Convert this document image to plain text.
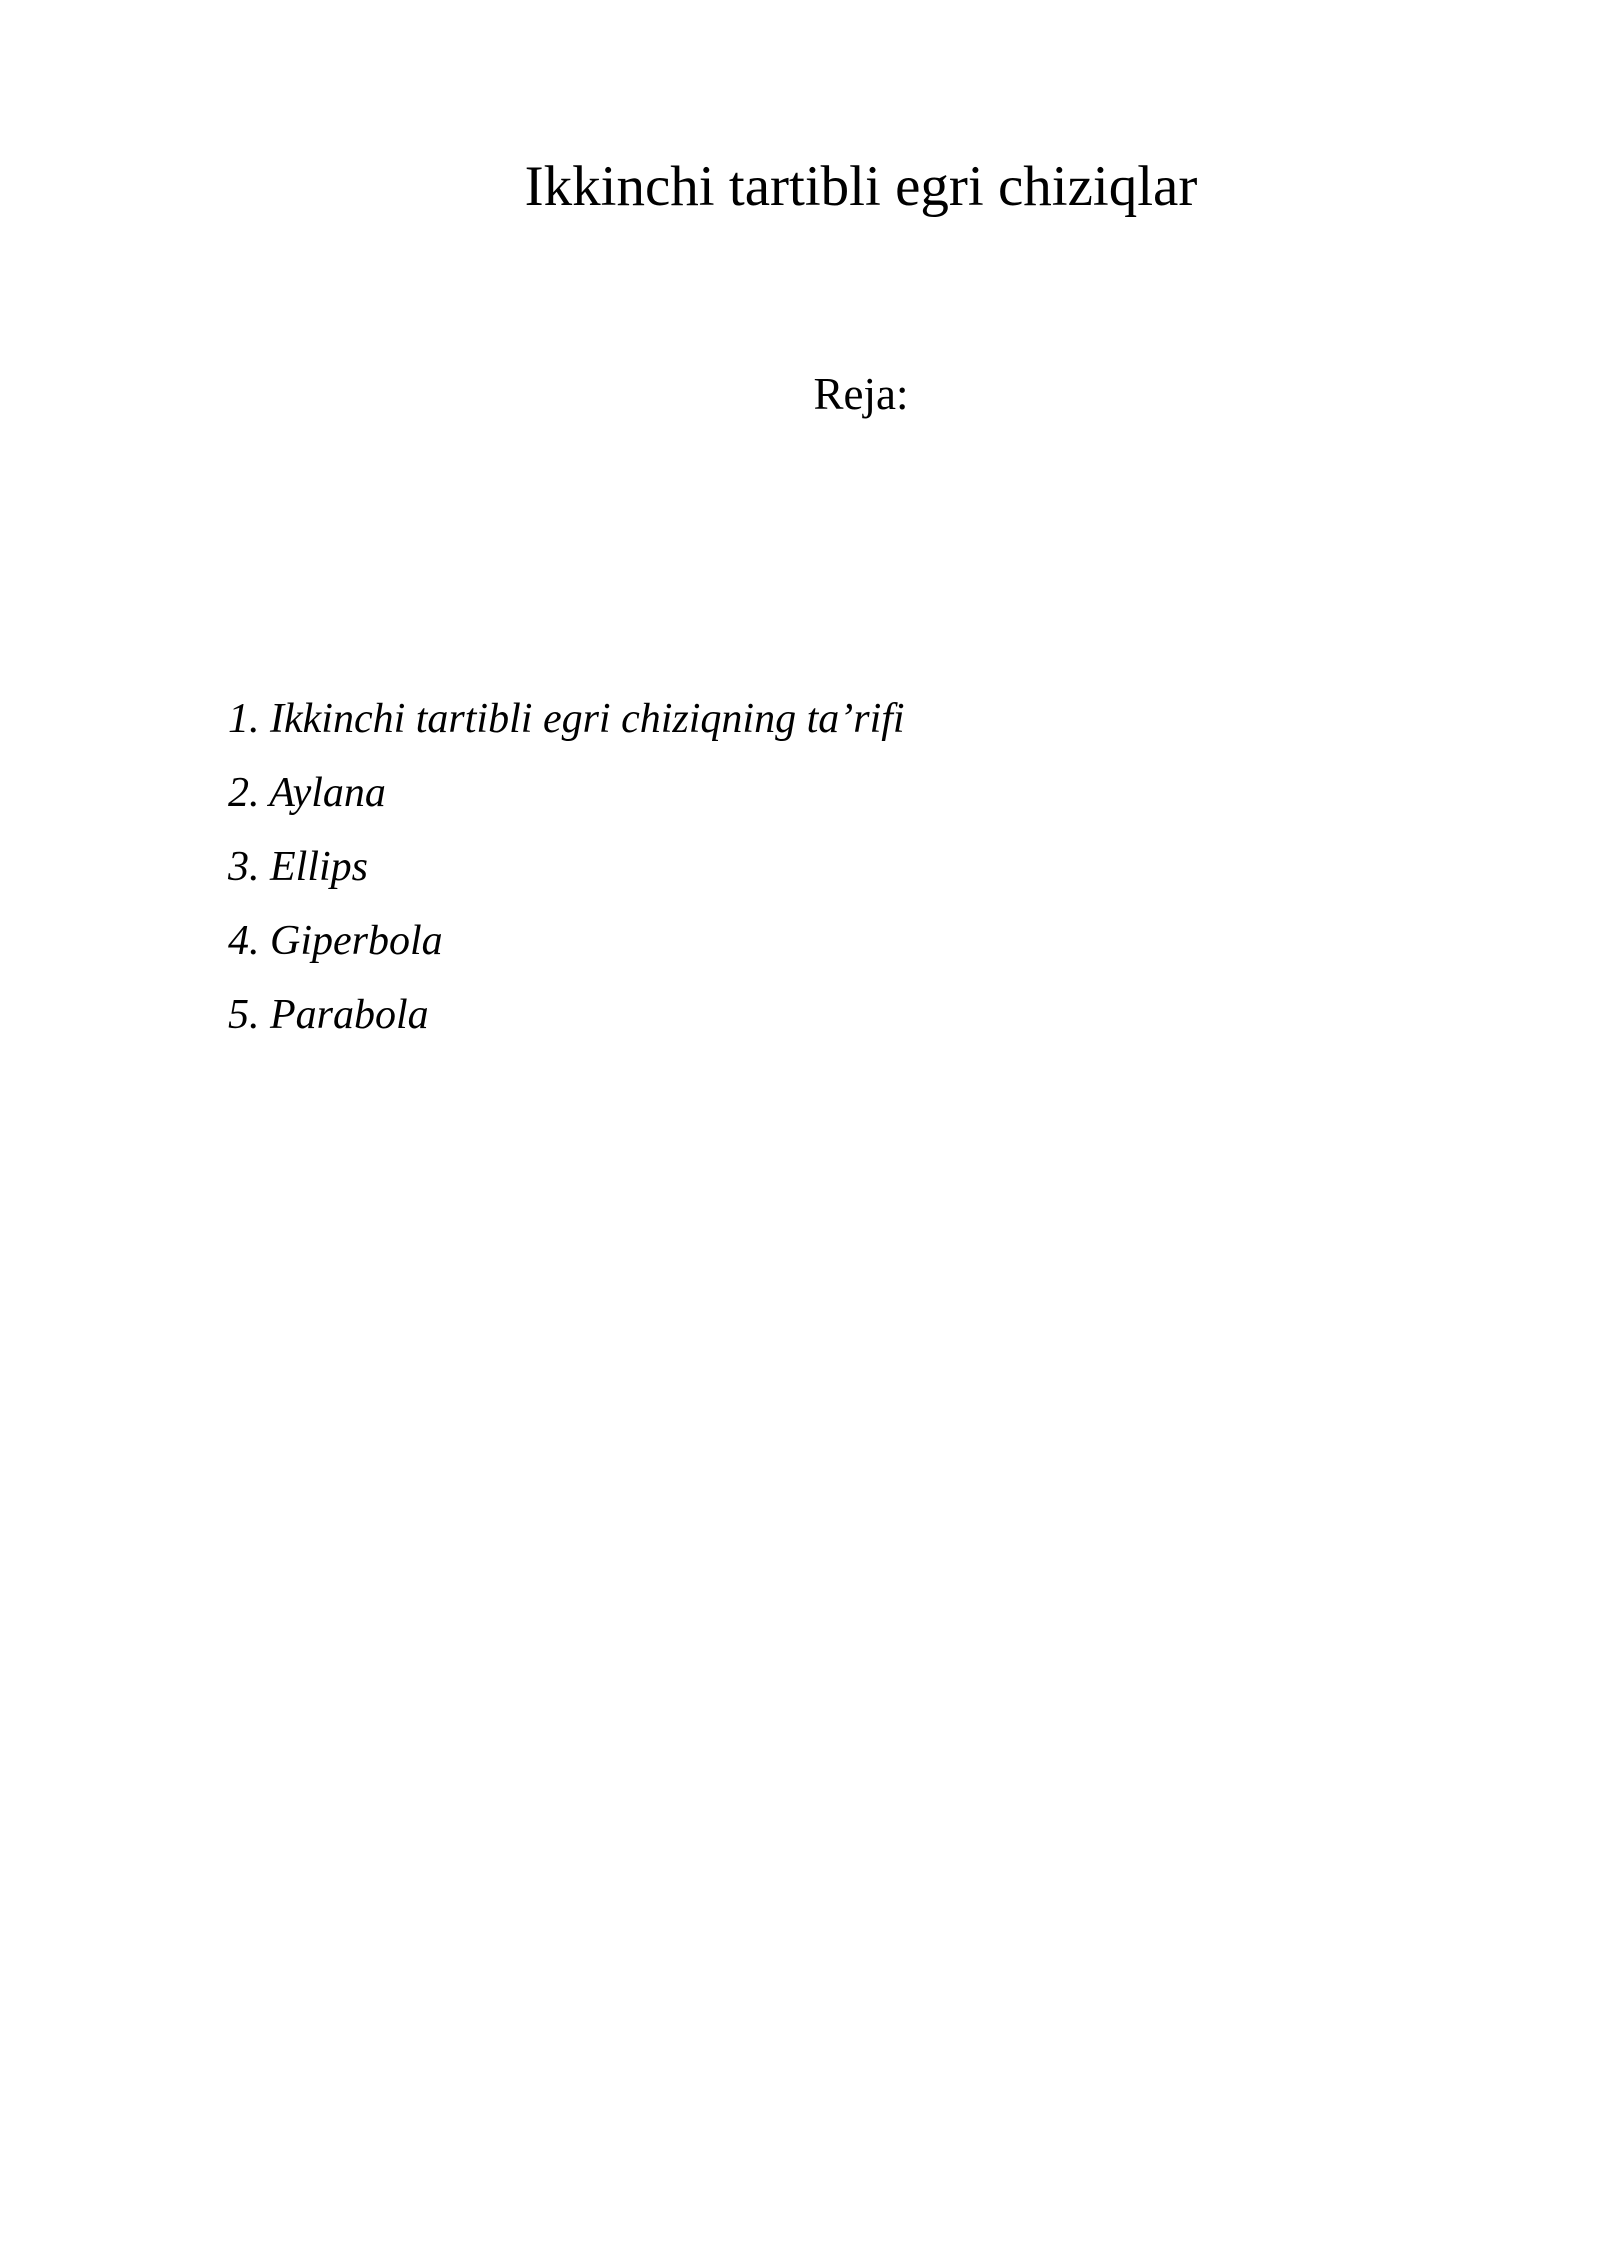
Ikkinchi tartibli egri chiziqlar
Reja:
1. Ikkinchi tartibli egri chiziqning ta’rifi
2. Aylana
3. Ellips
4. Giperbola
5. Parabola
